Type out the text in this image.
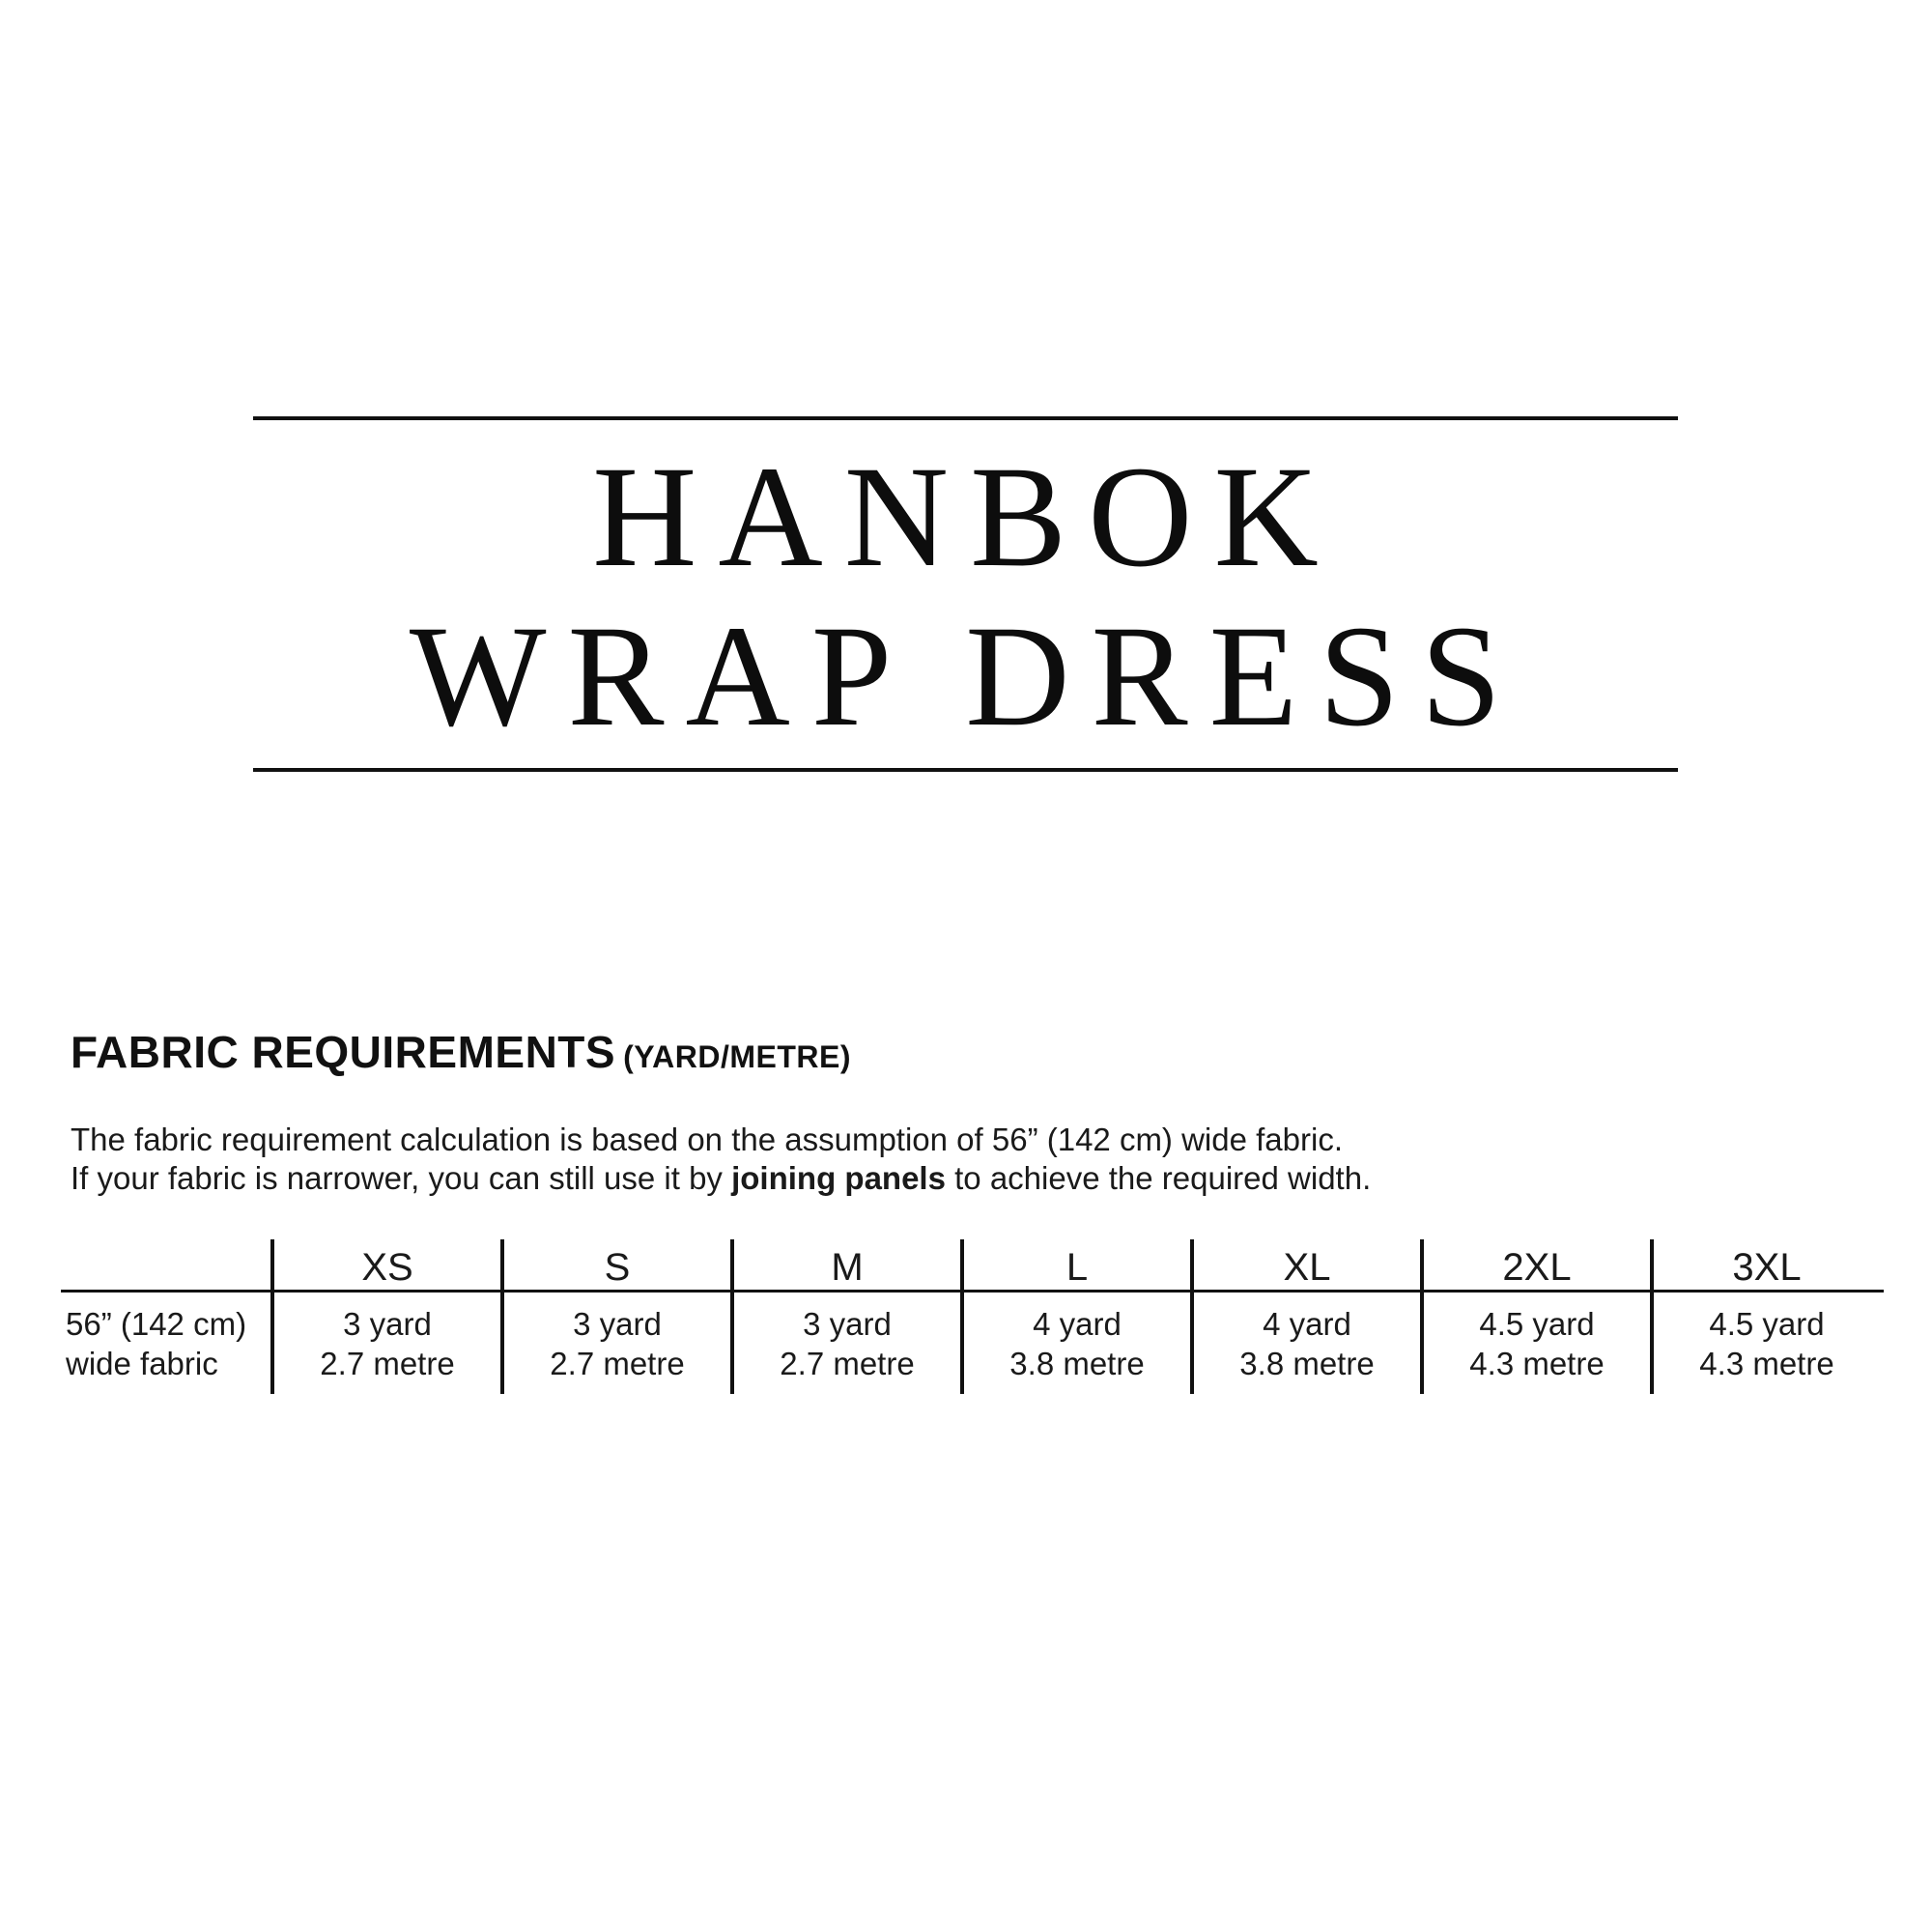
HANBOK
WRAP DRESS
FABRIC REQUIREMENTS (YARD/METRE)

The fabric requirement calculation is based on the assumption of 56” (142 cm) wide fabric.
If your fabric is narrower, you can still use it by joining panels to achieve the required width.

56” (142 cm)
wide fabric
XS
3 yard
2.7 metre
S
3 yard
2.7 metre
M
3 yard
2.7 metre
L
4 yard
3.8 metre
XL
4 yard
3.8 metre
2XL
4.5 yard
4.3 metre
3XL
4.5 yard
4.3 metre
